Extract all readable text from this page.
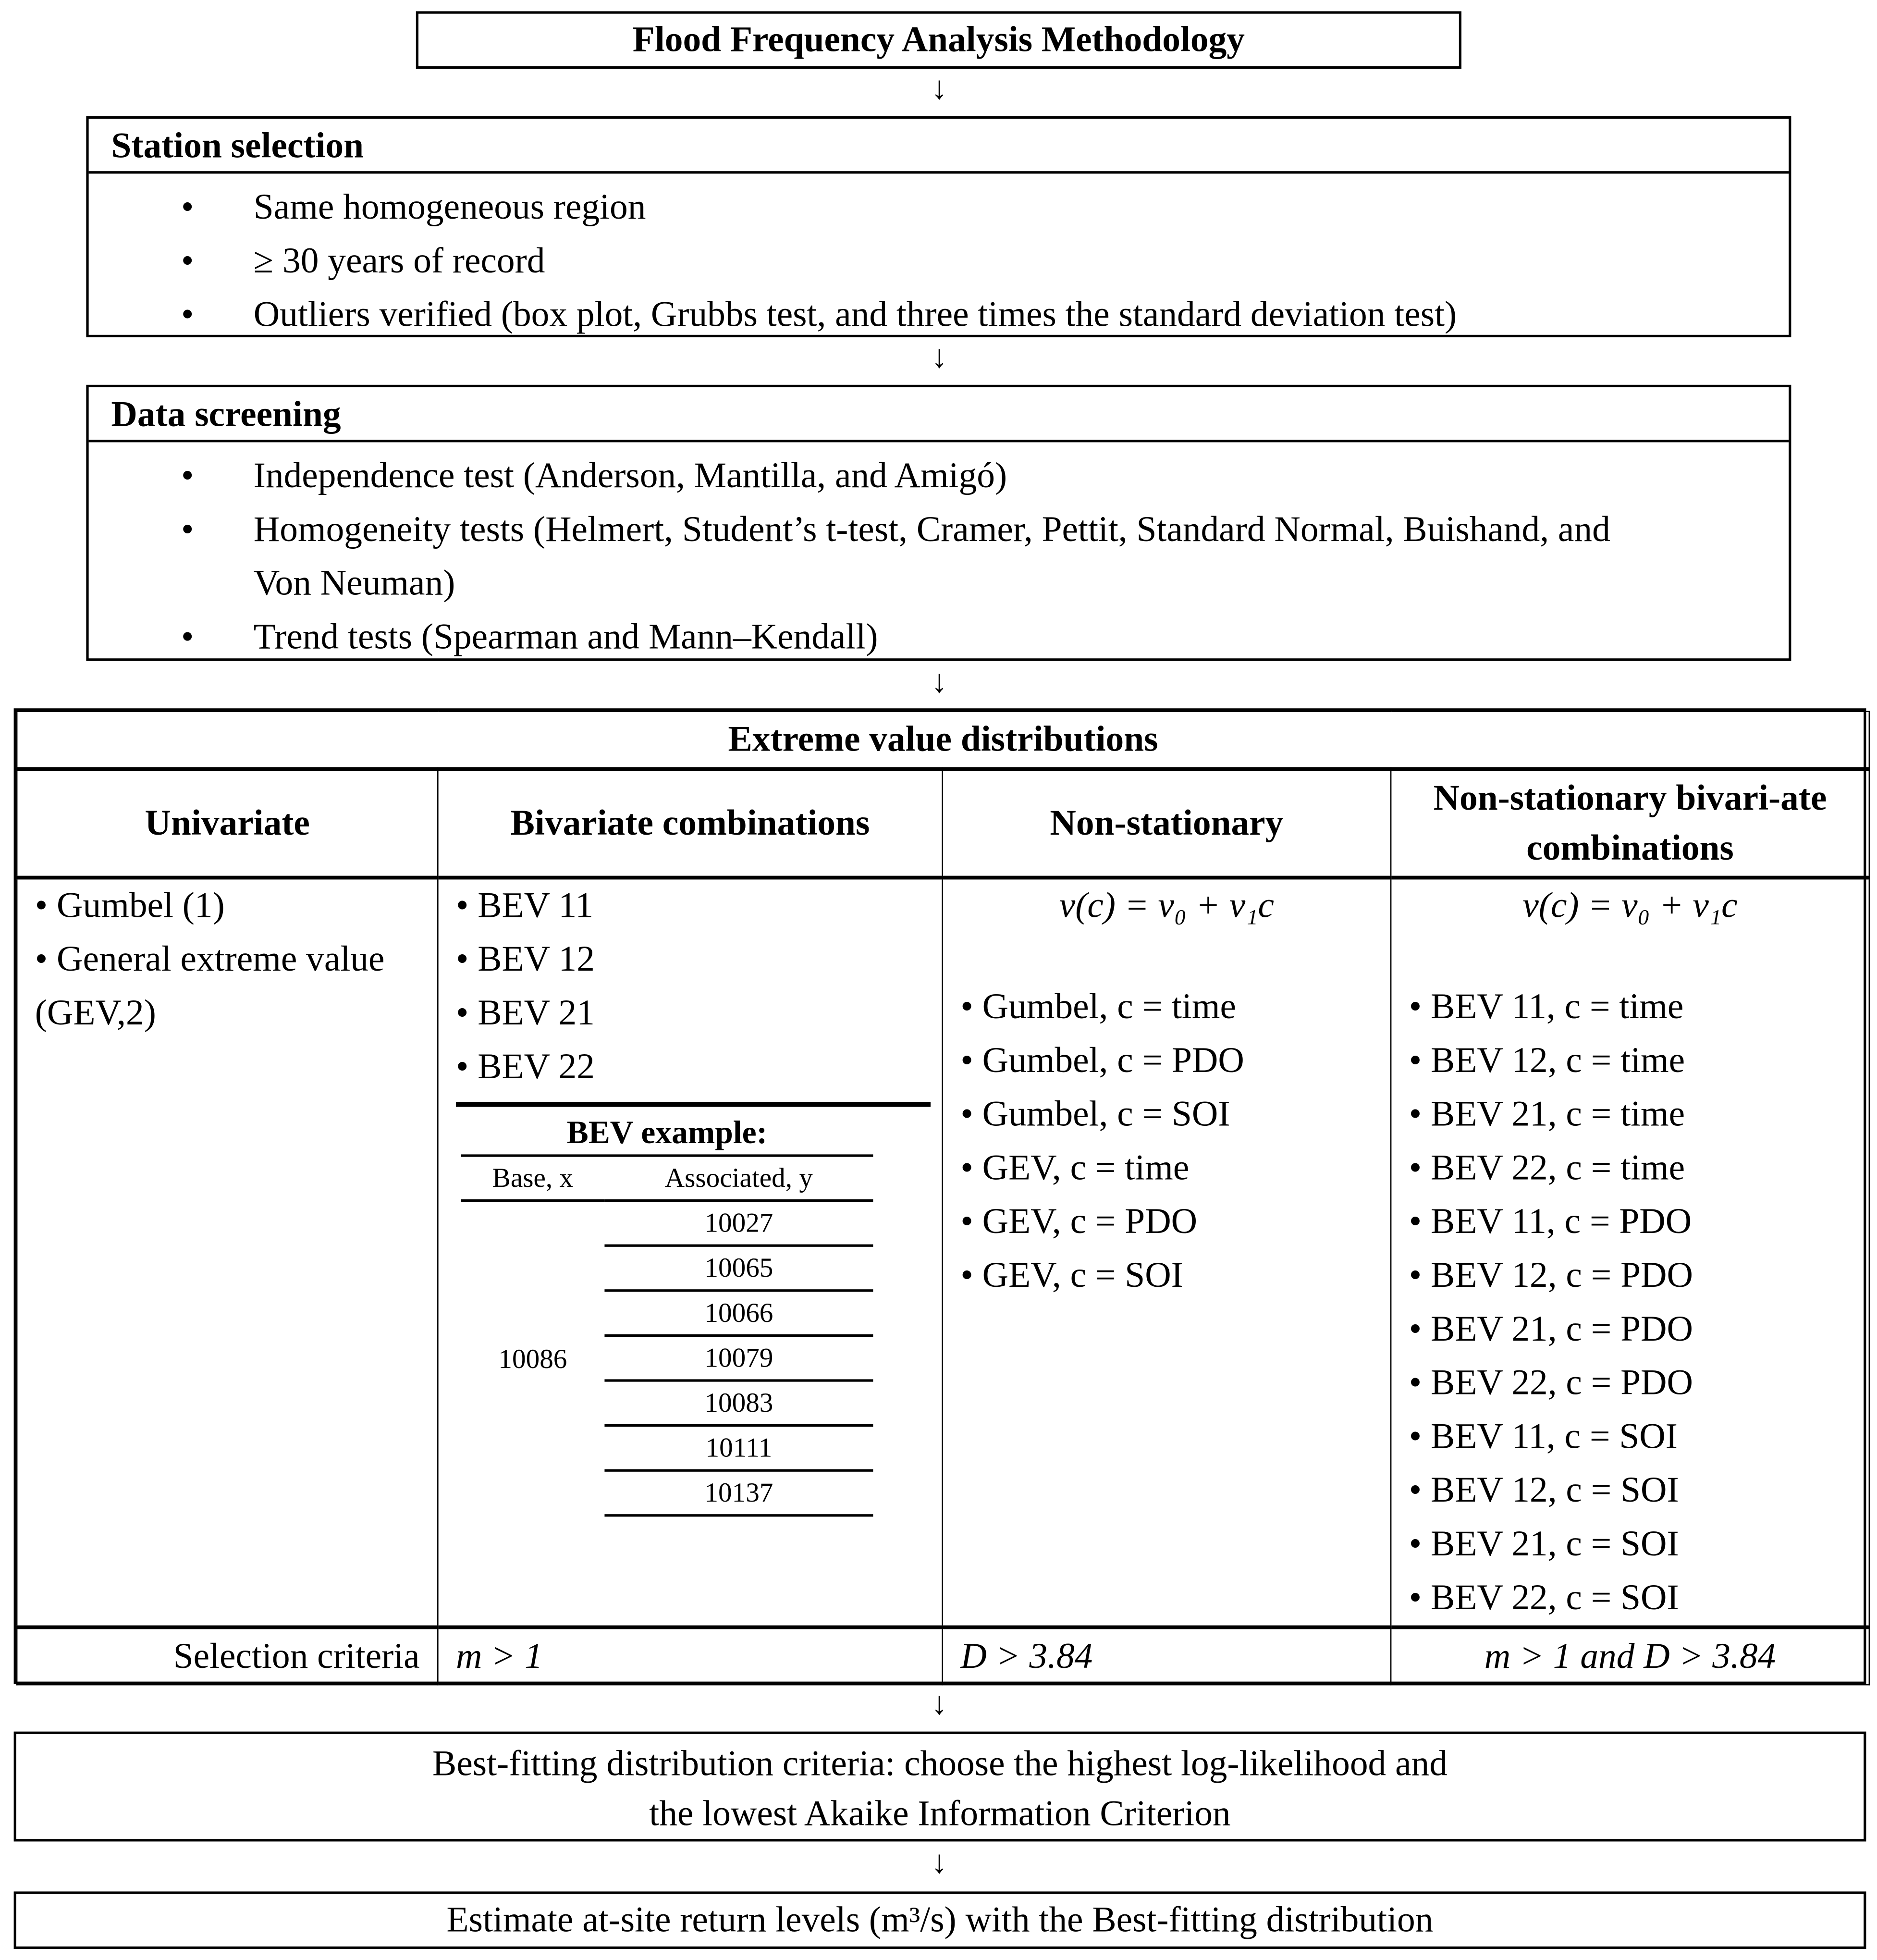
Flood Frequency Analysis Methodology
↓
Station selection
• Same homogeneous region
• ≥ 30 years of record
• Outliers verified (box plot, Grubbs test, and three times the standard deviation test)
↓
Data screening
• Independence test (Anderson, Mantilla, and Amigó)
• Homogeneity tests (Helmert, Student’s t-test, Cramer, Pettit, Standard Normal, Buishand, and Von Neuman)
• Trend tests (Spearman and Mann–Kendall)
↓
Extreme value distributions
Univariate	Bivariate combinations	Non-stationary	Non-stationary bivari-ate combinations

• Gumbel (1)
• General extreme value (GEV,2)

• BEV 11
• BEV 12
• BEV 21
• BEV 22
BEV example:
Base, x	Associated, y
10086	10027
10065
10066
10079
10083
10111
10137

ν(c) = ν₀ + ν₁c
• Gumbel, c = time
• Gumbel, c = PDO
• Gumbel, c = SOI
• GEV, c = time
• GEV, c = PDO
• GEV, c = SOI

ν(c) = ν₀ + ν₁c
• BEV 11, c = time
• BEV 12, c = time
• BEV 21, c = time
• BEV 22, c = time
• BEV 11, c = PDO
• BEV 12, c = PDO
• BEV 21, c = PDO
• BEV 22, c = PDO
• BEV 11, c = SOI
• BEV 12, c = SOI
• BEV 21, c = SOI
• BEV 22, c = SOI

Selection criteria	m > 1	D > 3.84	m > 1 and D > 3.84
↓
Best-fitting distribution criteria: choose the highest log-likelihood and
the lowest Akaike Information Criterion
↓
Estimate at-site return levels (m³/s) with the Best-fitting distribution
